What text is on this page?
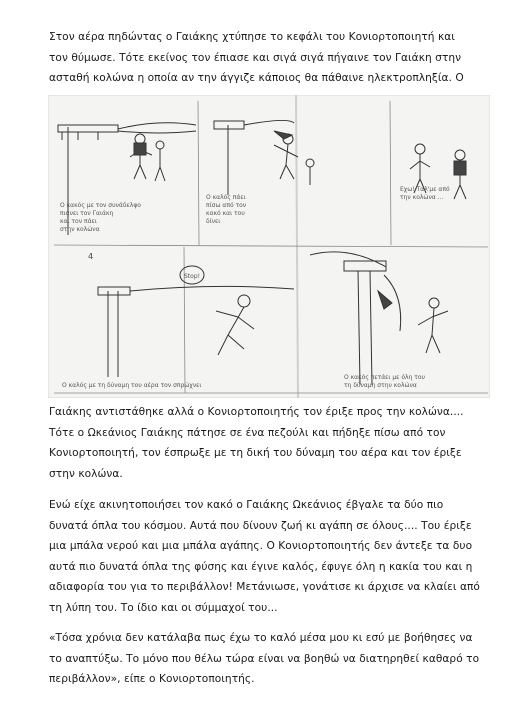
Στον αέρα πηδώντας ο Γαιάκης χτύπησε το κεφάλι του Κονιορτοποιητή και
τον θύμωσε. Τότε εκείνος τον έπιασε και σιγά σιγά πήγαινε τον Γαιάκη στην
ασταθή κολώνα η οποία αν την άγγιζε κάποιος θα πάθαινε ηλεκτροπληξία. Ο

Ο κακός με τον συνάδελφο
πιάνει τον Γαιάκη
και τον πάει
στην κολώνα
Ο καλός πάει
πίσω από τον
κακό και του
δίνει
Εχω! Ταλ'με από
την κολώνα ...
4
Stop!
Ο καλός με τη δύναμη του αέρα τον σπρώχνει
Ο κακός πετάει με όλη του
τη δύναμη στην κολώνα

Γαιάκης αντιστάθηκε αλλά ο Κονιορτοποιητής τον έριξε προς την κολώνα....
Τότε ο Ωκεάνιος Γαιάκης πάτησε σε ένα πεζούλι και πήδηξε πίσω από τον
Κονιορτοποιητή, τον έσπρωξε με τη δική του δύναμη του αέρα και τον έριξε
στην κολώνα.

Ενώ είχε ακινητοποιήσει τον κακό ο Γαιάκης Ωκεάνιος έβγαλε τα δύο πιο
δυνατά όπλα του κόσμου. Αυτά που δίνουν ζωή κι αγάπη σε όλους.... Του έριξε
μια μπάλα νερού και μια μπάλα αγάπης. Ο Κονιορτοποιητής δεν άντεξε τα δυο
αυτά πιο δυνατά όπλα της φύσης και έγινε καλός, έφυγε όλη η κακία του και η
αδιαφορία του για το περιβάλλον! Μετάνιωσε, γονάτισε κι άρχισε να κλαίει από
τη λύπη του. Το ίδιο και οι σύμμαχοί του...

«Τόσα χρόνια δεν κατάλαβα πως έχω το καλό μέσα μου κι εσύ με βοήθησες να
το αναπτύξω. Το μόνο που θέλω τώρα είναι να βοηθώ να διατηρηθεί καθαρό το
περιβάλλον», είπε ο Κονιορτοποιητής.
